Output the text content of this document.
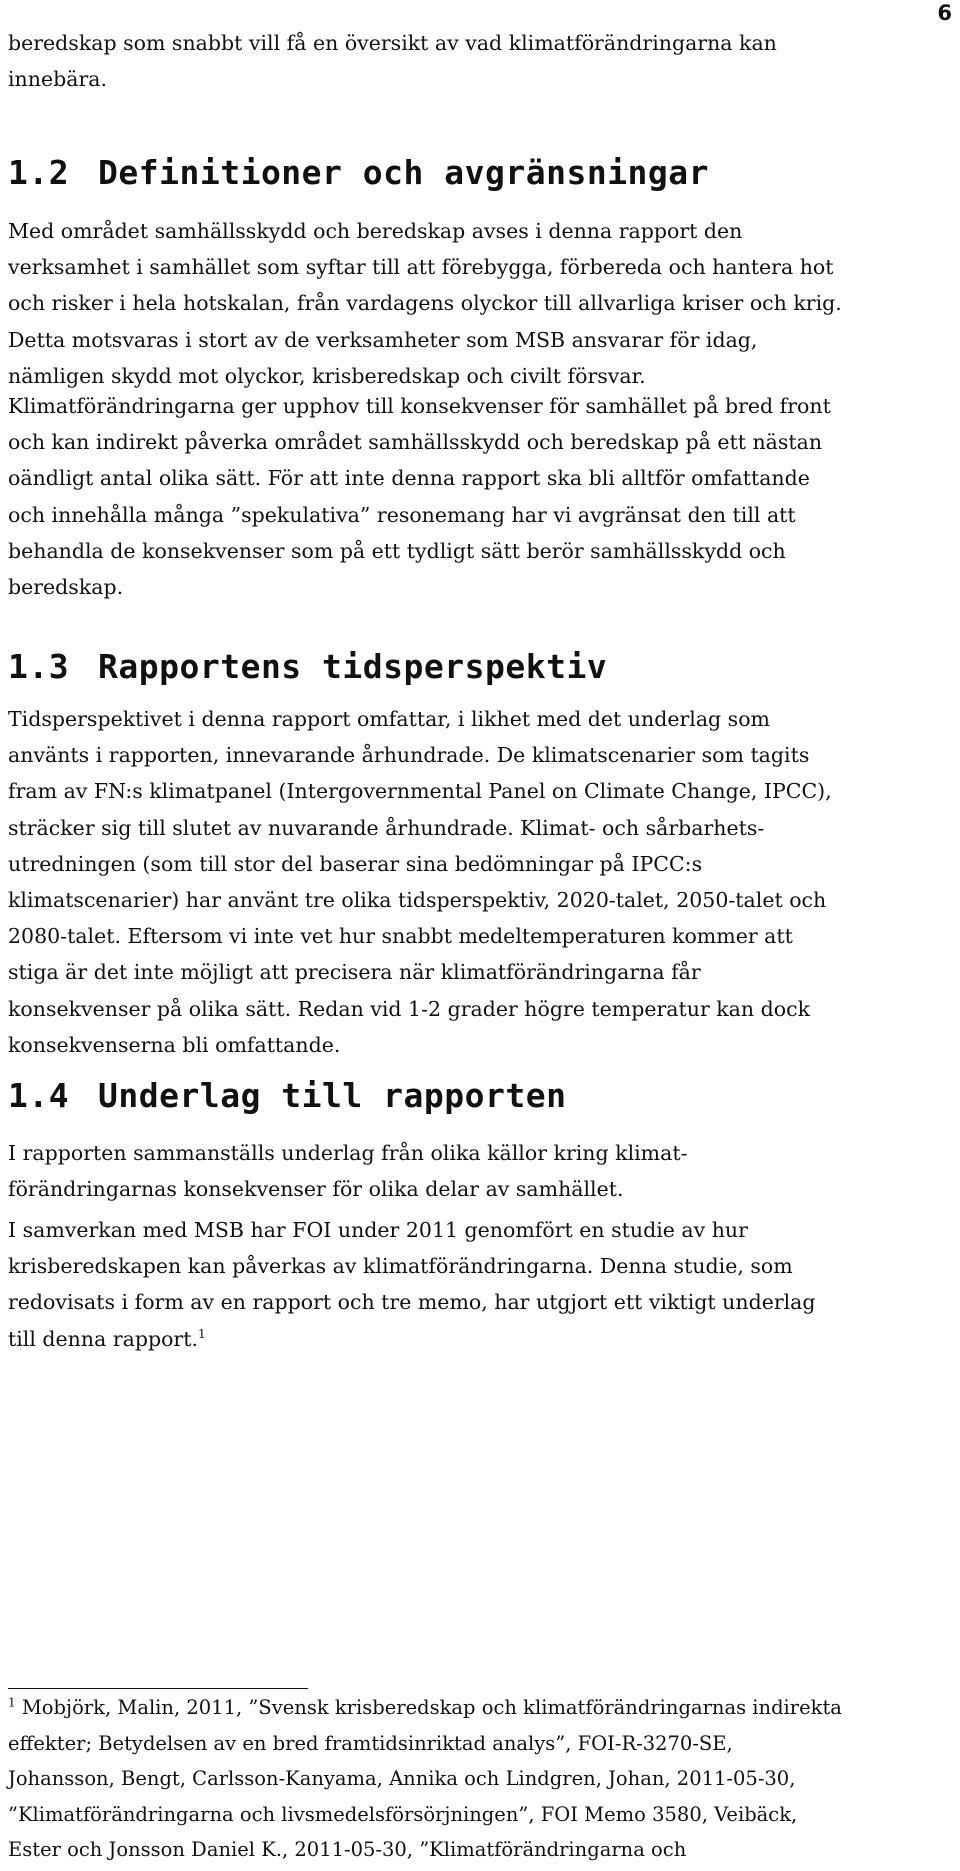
6

beredskap som snabbt vill få en översikt av vad klimatförändringarna kan
innebära.

1.2 Definitioner och avgränsningar

Med området samhällsskydd och beredskap avses i denna rapport den
verksamhet i samhället som syftar till att förebygga, förbereda och hantera hot
och risker i hela hotskalan, från vardagens olyckor till allvarliga kriser och krig.
Detta motsvaras i stort av de verksamheter som MSB ansvarar för idag,
nämligen skydd mot olyckor, krisberedskap och civilt försvar.

Klimatförändringarna ger upphov till konsekvenser för samhället på bred front
och kan indirekt påverka området samhällsskydd och beredskap på ett nästan
oändligt antal olika sätt. För att inte denna rapport ska bli alltför omfattande
och innehålla många ”spekulativa” resonemang har vi avgränsat den till att
behandla de konsekvenser som på ett tydligt sätt berör samhällsskydd och
beredskap.

1.3 Rapportens tidsperspektiv

Tidsperspektivet i denna rapport omfattar, i likhet med det underlag som
använts i rapporten, innevarande århundrade. De klimatscenarier som tagits
fram av FN:s klimatpanel (Intergovernmental Panel on Climate Change, IPCC),
sträcker sig till slutet av nuvarande århundrade. Klimat- och sårbarhets-
utredningen (som till stor del baserar sina bedömningar på IPCC:s
klimatscenarier) har använt tre olika tidsperspektiv, 2020-talet, 2050-talet och
2080-talet. Eftersom vi inte vet hur snabbt medeltemperaturen kommer att
stiga är det inte möjligt att precisera när klimatförändringarna får
konsekvenser på olika sätt. Redan vid 1-2 grader högre temperatur kan dock
konsekvenserna bli omfattande.

1.4 Underlag till rapporten

I rapporten sammanställs underlag från olika källor kring klimat-
förändringarnas konsekvenser för olika delar av samhället.

I samverkan med MSB har FOI under 2011 genomfört en studie av hur
krisberedskapen kan påverkas av klimatförändringarna. Denna studie, som
redovisats i form av en rapport och tre memo, har utgjort ett viktigt underlag
till denna rapport.$^1$

$^1$ Mobjörk, Malin, 2011, ”Svensk krisberedskap och klimatförändringarnas indirekta
effekter; Betydelsen av en bred framtidsinriktad analys”, FOI-R-3270-SE,
Johansson, Bengt, Carlsson-Kanyama, Annika och Lindgren, Johan, 2011-05-30,
”Klimatförändringarna och livsmedelsförsörjningen”, FOI Memo 3580, Veibäck,
Ester och Jonsson Daniel K., 2011-05-30, ”Klimatförändringarna och
